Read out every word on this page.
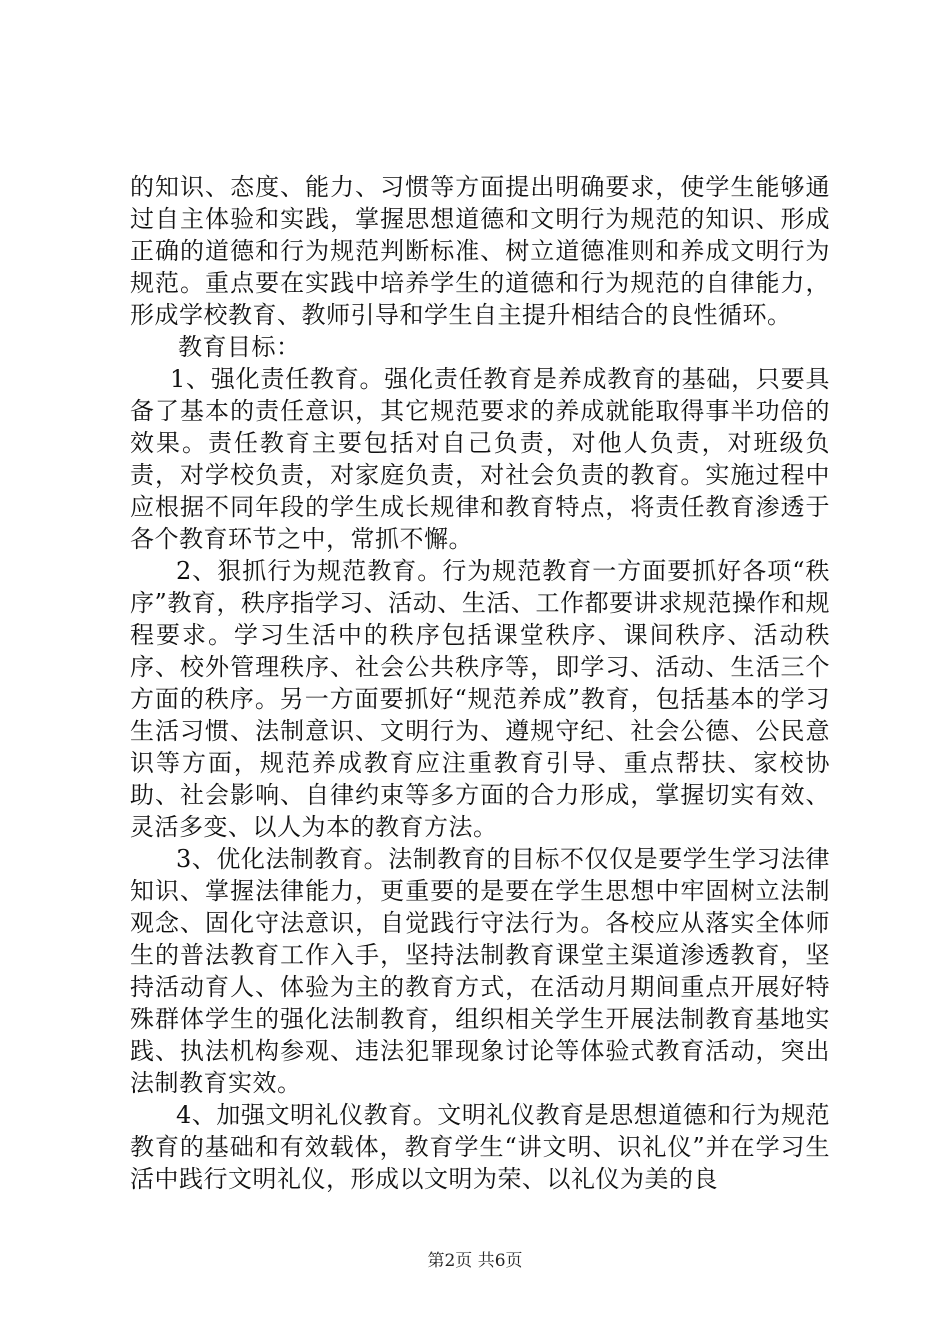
的知识、态度、能力、习惯等方面提出明确要求，使学生能够通过自主体验和实践，掌握思想道德和文明行为规范的知识、形成正确的道德和行为规范判断标准、树立道德准则和养成文明行为规范。重点要在实践中培养学生的道德和行为规范的自律能力，形成学校教育、教师引导和学生自主提升相结合的良性循环。

教育目标：

1、强化责任教育。强化责任教育是养成教育的基础，只要具备了基本的责任意识，其它规范要求的养成就能取得事半功倍的效果。责任教育主要包括对自己负责，对他人负责，对班级负责，对学校负责，对家庭负责，对社会负责的教育。实施过程中应根据不同年段的学生成长规律和教育特点，将责任教育渗透于各个教育环节之中，常抓不懈。

2、狠抓行为规范教育。行为规范教育一方面要抓好各项“秩序”教育，秩序指学习、活动、生活、工作都要讲求规范操作和规程要求。学习生活中的秩序包括课堂秩序、课间秩序、活动秩序、校外管理秩序、社会公共秩序等，即学习、活动、生活三个方面的秩序。另一方面要抓好“规范养成”教育，包括基本的学习生活习惯、法制意识、文明行为、遵规守纪、社会公德、公民意识等方面，规范养成教育应注重教育引导、重点帮扶、家校协助、社会影响、自律约束等多方面的合力形成，掌握切实有效、灵活多变、以人为本的教育方法。

3、优化法制教育。法制教育的目标不仅仅是要学生学习法律知识、掌握法律能力，更重要的是要在学生思想中牢固树立法制观念、固化守法意识，自觉践行守法行为。各校应从落实全体师生的普法教育工作入手，坚持法制教育课堂主渠道渗透教育，坚持活动育人、体验为主的教育方式，在活动月期间重点开展好特殊群体学生的强化法制教育，组织相关学生开展法制教育基地实践、执法机构参观、违法犯罪现象讨论等体验式教育活动，突出法制教育实效。

4、加强文明礼仪教育。文明礼仪教育是思想道德和行为规范教育的基础和有效载体，教育学生“讲文明、识礼仪”并在学习生活中践行文明礼仪，形成以文明为荣、以礼仪为美的良

第2页 共6页
